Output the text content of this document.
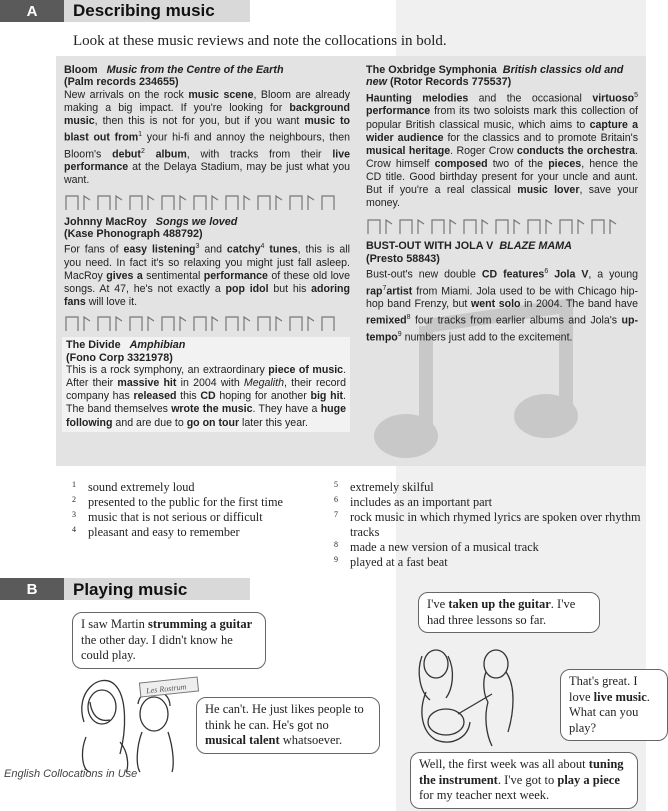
A	Describing music
Look at these music reviews and note the collocations in bold.
Bloom Music from the Centre of the Earth
(Palm records 234655)

New arrivals on the rock music scene, Bloom are already making a big impact. If you're looking for background music, then this is not for you, but if you want music to blast out from$^1$ your hi-fi and annoy the neighbours, then Bloom's debut$^2$ album, with tracks from their live performance at the Delaya Stadium, may be just what you want.

Johnny MacRoy Songs we loved
(Kase Phonograph 488792)

For fans of easy listening$^3$ and catchy$^4$ tunes, this is all you need. In fact it's so relaxing you might just fall asleep. MacRoy gives a sentimental performance of these old love songs. At 47, he's not exactly a pop idol but his adoring fans will love it.

The Divide Amphibian
(Fono Corp 3321978)

This is a rock symphony, an extraordinary piece of music. After their massive hit in 2004 with Megalith, their record company has released this CD hoping for another big hit. The band themselves wrote the music. They have a huge following and are due to go on tour later this year.

The Oxbridge Symphonia British classics old and new (Rotor Records 775537)

Haunting melodies and the occasional virtuoso$^5$ performance from its two soloists mark this collection of popular British classical music, which aims to capture a wider audience for the classics and to promote Britain's musical heritage. Roger Crow conducts the orchestra. Crow himself composed two of the pieces, hence the CD title. Good birthday present for your uncle and aunt. But if you're a real classical music lover, save your money.

BUST-OUT WITH JOLA V BLAZE MAMA
(Presto 58843)

Bust-out's new double CD features$^6$ Jola V, a young rap$^7$artist from Miami. Jola used to be with Chicago hip-hop band Frenzy, but went solo in 2004. The band have remixed$^8$ four tracks from earlier albums and Jola's up-tempo$^9$ numbers just add to the excitement.

1 sound extremely loud
2 presented to the public for the first time
3 music that is not serious or difficult
4 pleasant and easy to remember
5 extremely skilful
6 includes as an important part
7 rock music in which rhymed lyrics are spoken over rhythm tracks
8 made a new version of a musical track
9 played at a fast beat
B	Playing music
I saw Martin strumming a guitar the other day. I didn't know he could play.
Les Rostrum
He can't. He just likes people to think he can. He's got no musical talent whatsoever.
I've taken up the guitar. I've had three lessons so far.
That's great. I love live music. What can you play?
Well, the first week was all about tuning the instrument. I've got to play a piece for my teacher next week.
English Collocations in Use
